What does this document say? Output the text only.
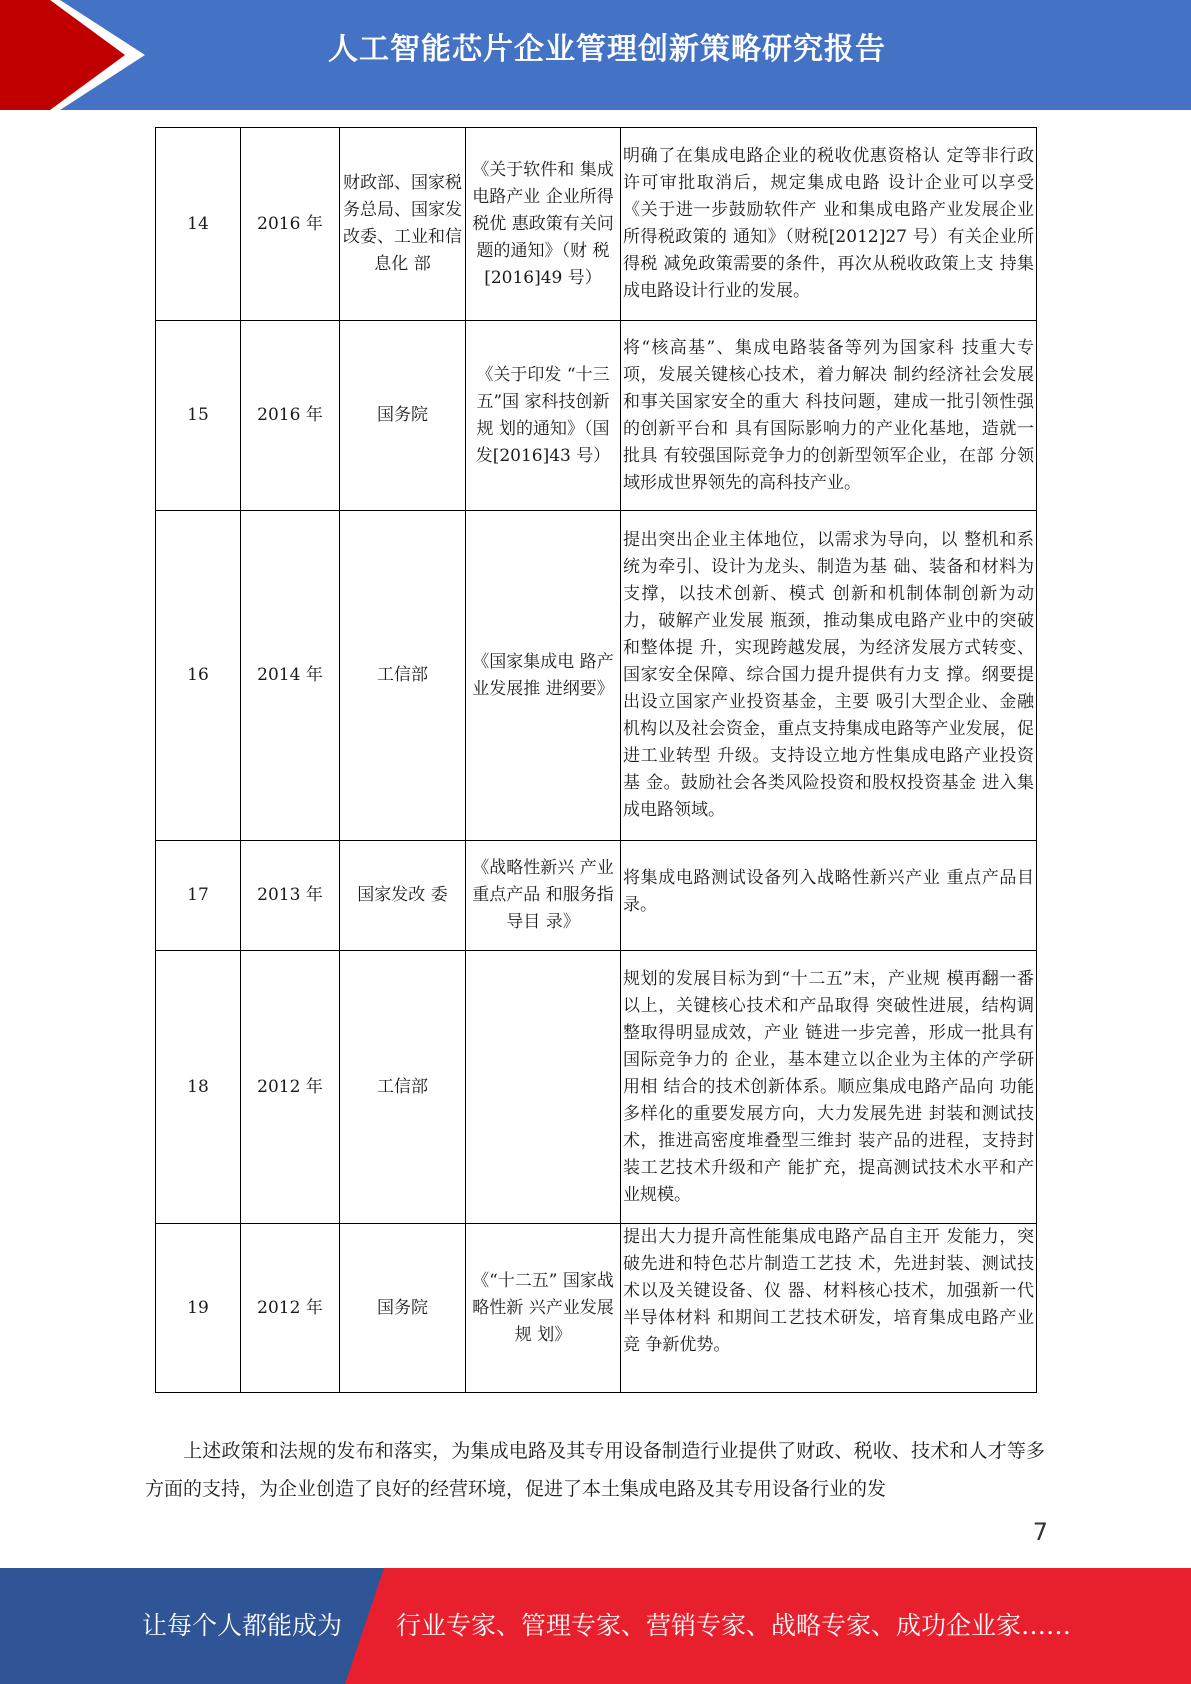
人工智能芯片企业管理创新策略研究报告
14	2016 年	财政部、国家税务总局、国家发改委、工业和信息化 部	《关于软件和 集成电路产业 企业所得税优 惠政策有关问 题的通知》（财 税[2016]49 号）	明确了在集成电路企业的税收优惠资格认 定等非行政许可审批取消后，规定集成电路 设计企业可以享受《关于进一步鼓励软件产 业和集成电路产业发展企业所得税政策的 通知》（财税[2012]27 号）有关企业所得税 减免政策需要的条件，再次从税收政策上支 持集成电路设计行业的发展。
15	2016 年	国务院	《关于印发 “十三五”国 家科技创新规 划的通知》（国 发[2016]43 号）	将“核高基”、集成电路装备等列为国家科 技重大专项，发展关键核心技术，着力解决 制约经济社会发展和事关国家安全的重大 科技问题，建成一批引领性强的创新平台和 具有国际影响力的产业化基地，造就一批具 有较强国际竞争力的创新型领军企业，在部 分领域形成世界领先的高科技产业。
16	2014 年	工信部	《国家集成电 路产业发展推 进纲要》	提出突出企业主体地位，以需求为导向，以 整机和系统为牵引、设计为龙头、制造为基 础、装备和材料为支撑，以技术创新、模式 创新和机制体制创新为动力，破解产业发展 瓶颈，推动集成电路产业中的突破和整体提 升，实现跨越发展，为经济发展方式转变、 国家安全保障、综合国力提升提供有力支 撑。纲要提出设立国家产业投资基金，主要 吸引大型企业、金融机构以及社会资金，重点支持集成电路等产业发展，促进工业转型 升级。支持设立地方性集成电路产业投资基 金。鼓励社会各类风险投资和股权投资基金 进入集成电路领域。
17	2013 年	国家发改 委	《战略性新兴 产业重点产品 和服务指导目 录》	将集成电路测试设备列入战略性新兴产业 重点产品目录。
18	2012 年	工信部		规划的发展目标为到“十二五”末，产业规 模再翻一番以上，关键核心技术和产品取得 突破性进展，结构调整取得明显成效，产业 链进一步完善，形成一批具有国际竞争力的 企业，基本建立以企业为主体的产学研用相 结合的技术创新体系。顺应集成电路产品向 功能多样化的重要发展方向，大力发展先进 封装和测试技术，推进高密度堆叠型三维封 装产品的进程，支持封装工艺技术升级和产 能扩充，提高测试技术水平和产业规模。
19	2012 年	国务院	《“十二五” 国家战略性新 兴产业发展规 划》	提出大力提升高性能集成电路产品自主开 发能力，突破先进和特色芯片制造工艺技 术，先进封装、测试技术以及关键设备、仪 器、材料核心技术，加强新一代半导体材料 和期间工艺技术研发，培育集成电路产业竞 争新优势。
上述政策和法规的发布和落实，为集成电路及其专用设备制造行业提供了财政、税收、技术和人才等多方面的支持，为企业创造了良好的经营环境，促进了本土集成电路及其专用设备行业的发
7
让每个人都能成为 行业专家、管理专家、营销专家、战略专家、成功企业家……
